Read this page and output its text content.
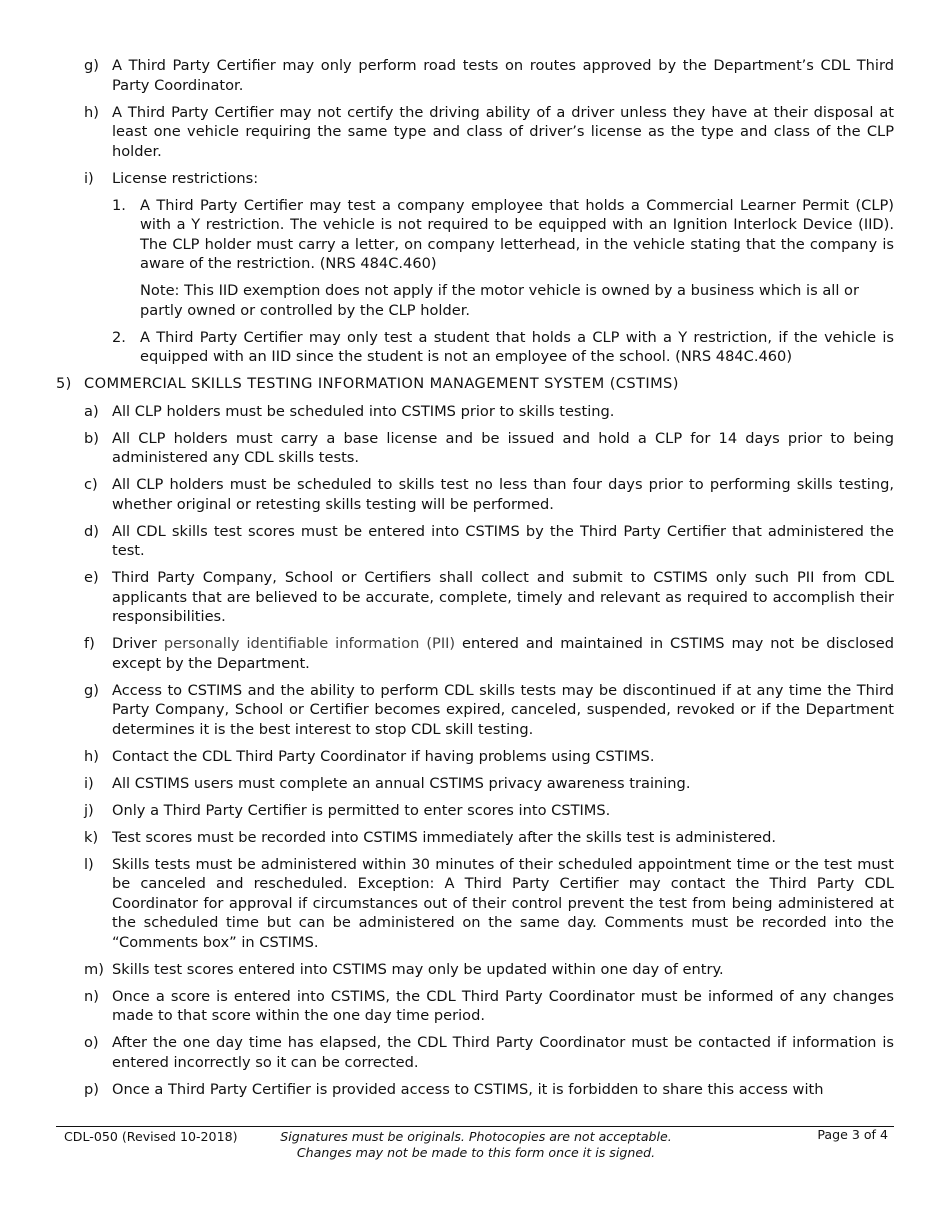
g) A Third Party Certifier may only perform road tests on routes approved by the Department’s CDL Third Party Coordinator.
h) A Third Party Certifier may not certify the driving ability of a driver unless they have at their disposal at least one vehicle requiring the same type and class of driver’s license as the type and class of the CLP holder.
i) License restrictions:
1. A Third Party Certifier may test a company employee that holds a Commercial Learner Permit (CLP) with a Y restriction. The vehicle is not required to be equipped with an Ignition Interlock Device (IID). The CLP holder must carry a letter, on company letterhead, in the vehicle stating that the company is aware of the restriction. (NRS 484C.460)
Note: This IID exemption does not apply if the motor vehicle is owned by a business which is all or partly owned or controlled by the CLP holder.
2. A Third Party Certifier may only test a student that holds a CLP with a Y restriction, if the vehicle is equipped with an IID since the student is not an employee of the school. (NRS 484C.460)
5) COMMERCIAL SKILLS TESTING INFORMATION MANAGEMENT SYSTEM (CSTIMS)
a) All CLP holders must be scheduled into CSTIMS prior to skills testing.
b) All CLP holders must carry a base license and be issued and hold a CLP for 14 days prior to being administered any CDL skills tests.
c) All CLP holders must be scheduled to skills test no less than four days prior to performing skills testing, whether original or retesting skills testing will be performed.
d) All CDL skills test scores must be entered into CSTIMS by the Third Party Certifier that administered the test.
e) Third Party Company, School or Certifiers shall collect and submit to CSTIMS only such PII from CDL applicants that are believed to be accurate, complete, timely and relevant as required to accomplish their responsibilities.
f) Driver personally identifiable information (PII) entered and maintained in CSTIMS may not be disclosed except by the Department.
g) Access to CSTIMS and the ability to perform CDL skills tests may be discontinued if at any time the Third Party Company, School or Certifier becomes expired, canceled, suspended, revoked or if the Department determines it is the best interest to stop CDL skill testing.
h) Contact the CDL Third Party Coordinator if having problems using CSTIMS.
i) All CSTIMS users must complete an annual CSTIMS privacy awareness training.
j) Only a Third Party Certifier is permitted to enter scores into CSTIMS.
k) Test scores must be recorded into CSTIMS immediately after the skills test is administered.
l) Skills tests must be administered within 30 minutes of their scheduled appointment time or the test must be canceled and rescheduled. Exception: A Third Party Certifier may contact the Third Party CDL Coordinator for approval if circumstances out of their control prevent the test from being administered at the scheduled time but can be administered on the same day. Comments must be recorded into the “Comments box” in CSTIMS.
m) Skills test scores entered into CSTIMS may only be updated within one day of entry.
n) Once a score is entered into CSTIMS, the CDL Third Party Coordinator must be informed of any changes made to that score within the one day time period.
o) After the one day time has elapsed, the CDL Third Party Coordinator must be contacted if information is entered incorrectly so it can be corrected.
p) Once a Third Party Certifier is provided access to CSTIMS, it is forbidden to share this access with
CDL-050 (Revised 10-2018)	Signatures must be originals. Photocopies are not acceptable.
Changes may not be made to this form once it is signed.
Page 3 of 4
